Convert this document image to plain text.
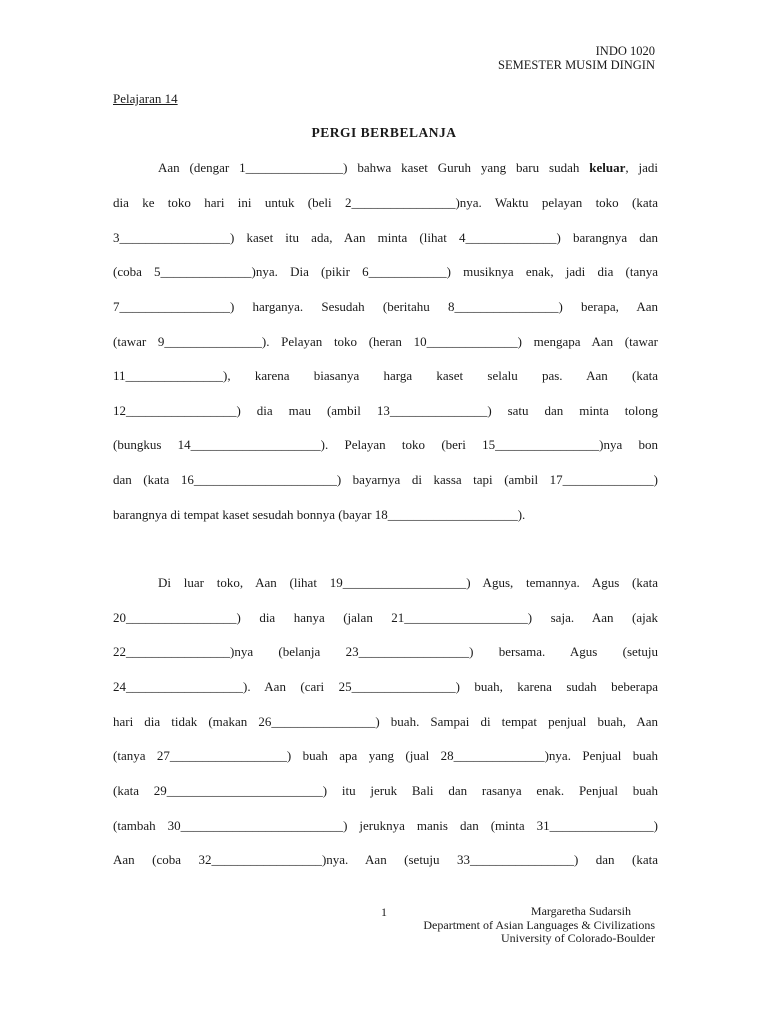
INDO 1020
SEMESTER MUSIM DINGIN
Pelajaran 14
PERGI BERBELANJA
Aan (dengar 1_______________) bahwa kaset Guruh yang baru sudah keluar, jadi
dia ke toko hari ini untuk (beli 2________________)nya. Waktu pelayan toko (kata
3_________________) kaset itu ada, Aan minta (lihat 4______________) barangnya dan
(coba 5______________)nya. Dia (pikir 6____________) musiknya enak, jadi dia (tanya
7_________________) harganya. Sesudah (beritahu 8________________) berapa, Aan
(tawar 9_______________). Pelayan toko (heran 10______________) mengapa Aan (tawar
11_______________), karena biasanya harga kaset selalu pas. Aan (kata
12_________________) dia mau (ambil 13_______________) satu dan minta tolong
(bungkus 14____________________). Pelayan toko (beri 15________________)nya bon
dan (kata 16______________________) bayarnya di kassa tapi (ambil 17______________)
barangnya di tempat kaset sesudah bonnya (bayar 18____________________).
Di luar toko, Aan (lihat 19___________________) Agus, temannya. Agus (kata
20_________________) dia hanya (jalan 21___________________) saja. Aan (ajak
22________________)nya (belanja 23_________________) bersama. Agus (setuju
24__________________). Aan (cari 25________________) buah, karena sudah beberapa
hari dia tidak (makan 26________________) buah. Sampai di tempat penjual buah, Aan
(tanya 27__________________) buah apa yang (jual 28______________)nya. Penjual buah
(kata 29________________________) itu jeruk Bali dan rasanya enak. Penjual buah
(tambah 30_________________________) jeruknya manis dan (minta 31________________)
Aan (coba 32_________________)nya. Aan (setuju 33________________) dan (kata
1	Margaretha Sudarsih
Department of Asian Languages & Civilizations
University of Colorado-Boulder
